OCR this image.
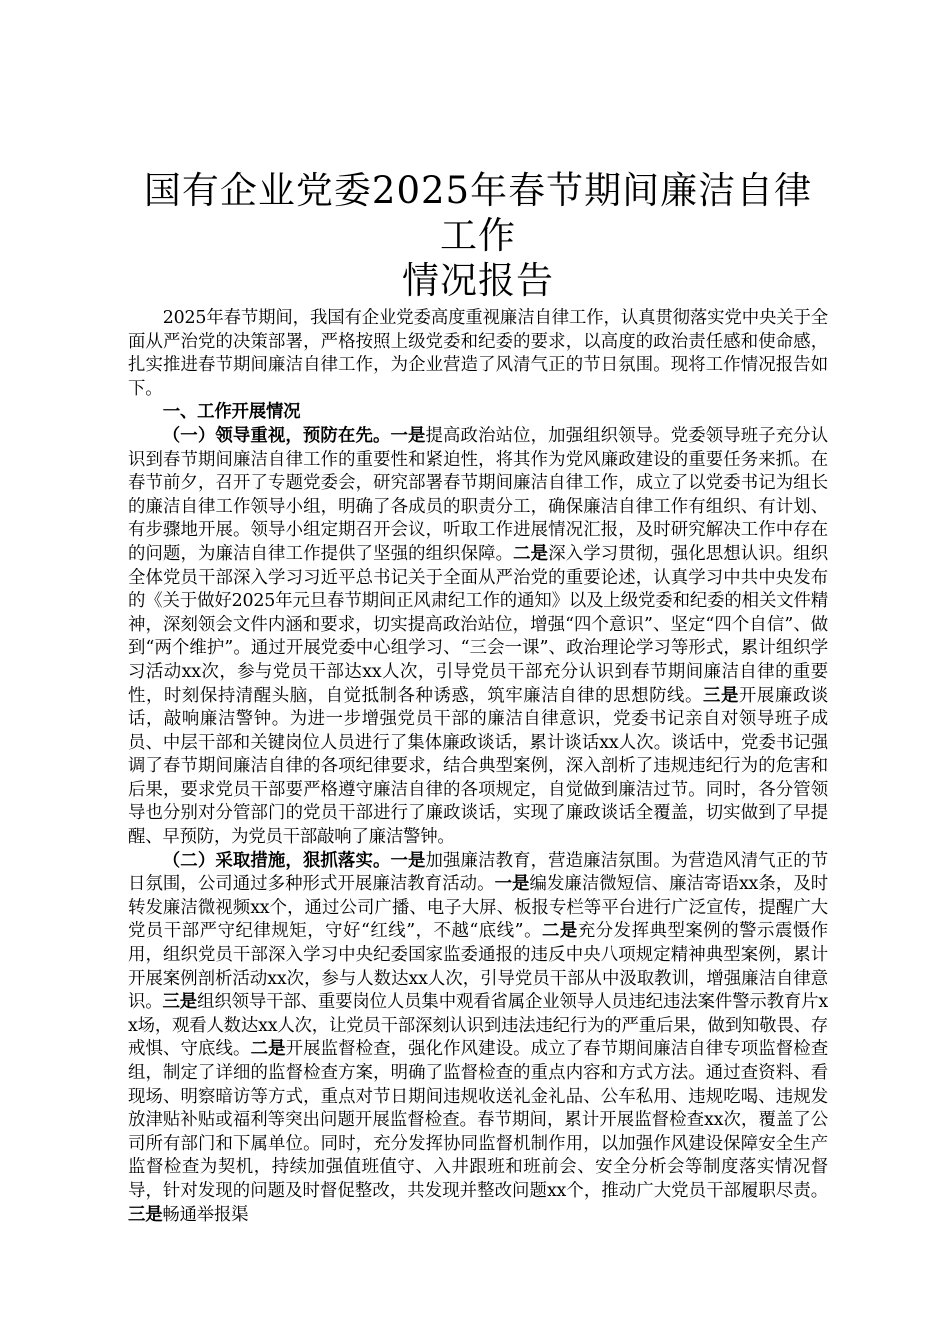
国有企业党委2025年春节期间廉洁自律工作
情况报告

2025年春节期间，我国有企业党委高度重视廉洁自律工作，认真贯彻落实党中央关于全面从严治党的决策部署，严格按照上级党委和纪委的要求，以高度的政治责任感和使命感，扎实推进春节期间廉洁自律工作，为企业营造了风清气正的节日氛围。现将工作情况报告如下。

一、工作开展情况

（一）领导重视，预防在先。一是提高政治站位，加强组织领导。党委领导班子充分认识到春节期间廉洁自律工作的重要性和紧迫性，将其作为党风廉政建设的重要任务来抓。在春节前夕，召开了专题党委会，研究部署春节期间廉洁自律工作，成立了以党委书记为组长的廉洁自律工作领导小组，明确了各成员的职责分工，确保廉洁自律工作有组织、有计划、有步骤地开展。领导小组定期召开会议，听取工作进展情况汇报，及时研究解决工作中存在的问题，为廉洁自律工作提供了坚强的组织保障。二是深入学习贯彻，强化思想认识。组织全体党员干部深入学习习近平总书记关于全面从严治党的重要论述，认真学习中共中央发布的《关于做好2025年元旦春节期间正风肃纪工作的通知》以及上级党委和纪委的相关文件精神，深刻领会文件内涵和要求，切实提高政治站位，增强“四个意识”、坚定“四个自信”、做到“两个维护”。通过开展党委中心组学习、“三会一课”、政治理论学习等形式，累计组织学习活动xx次，参与党员干部达xx人次，引导党员干部充分认识到春节期间廉洁自律的重要性，时刻保持清醒头脑，自觉抵制各种诱惑，筑牢廉洁自律的思想防线。三是开展廉政谈话，敲响廉洁警钟。为进一步增强党员干部的廉洁自律意识，党委书记亲自对领导班子成员、中层干部和关键岗位人员进行了集体廉政谈话，累计谈话xx人次。谈话中，党委书记强调了春节期间廉洁自律的各项纪律要求，结合典型案例，深入剖析了违规违纪行为的危害和后果，要求党员干部要严格遵守廉洁自律的各项规定，自觉做到廉洁过节。同时，各分管领导也分别对分管部门的党员干部进行了廉政谈话，实现了廉政谈话全覆盖，切实做到了早提醒、早预防，为党员干部敲响了廉洁警钟。

（二）采取措施，狠抓落实。一是加强廉洁教育，营造廉洁氛围。为营造风清气正的节日氛围，公司通过多种形式开展廉洁教育活动。一是编发廉洁微短信、廉洁寄语xx条，及时转发廉洁微视频xx个，通过公司广播、电子大屏、板报专栏等平台进行广泛宣传，提醒广大党员干部严守纪律规矩，守好“红线”，不越“底线”。二是充分发挥典型案例的警示震慑作用，组织党员干部深入学习中央纪委国家监委通报的违反中央八项规定精神典型案例，累计开展案例剖析活动xx次，参与人数达xx人次，引导党员干部从中汲取教训，增强廉洁自律意识。三是组织领导干部、重要岗位人员集中观看省属企业领导人员违纪违法案件警示教育片xx场，观看人数达xx人次，让党员干部深刻认识到违法违纪行为的严重后果，做到知敬畏、存戒惧、守底线。二是开展监督检查，强化作风建设。成立了春节期间廉洁自律专项监督检查组，制定了详细的监督检查方案，明确了监督检查的重点内容和方式方法。通过查资料、看现场、明察暗访等方式，重点对节日期间违规收送礼金礼品、公车私用、违规吃喝、违规发放津贴补贴或福利等突出问题开展监督检查。春节期间，累计开展监督检查xx次，覆盖了公司所有部门和下属单位。同时，充分发挥协同监督机制作用，以加强作风建设保障安全生产监督检查为契机，持续加强值班值守、入井跟班和班前会、安全分析会等制度落实情况督导，针对发现的问题及时督促整改，共发现并整改问题xx个，推动广大党员干部履职尽责。三是畅通举报渠
